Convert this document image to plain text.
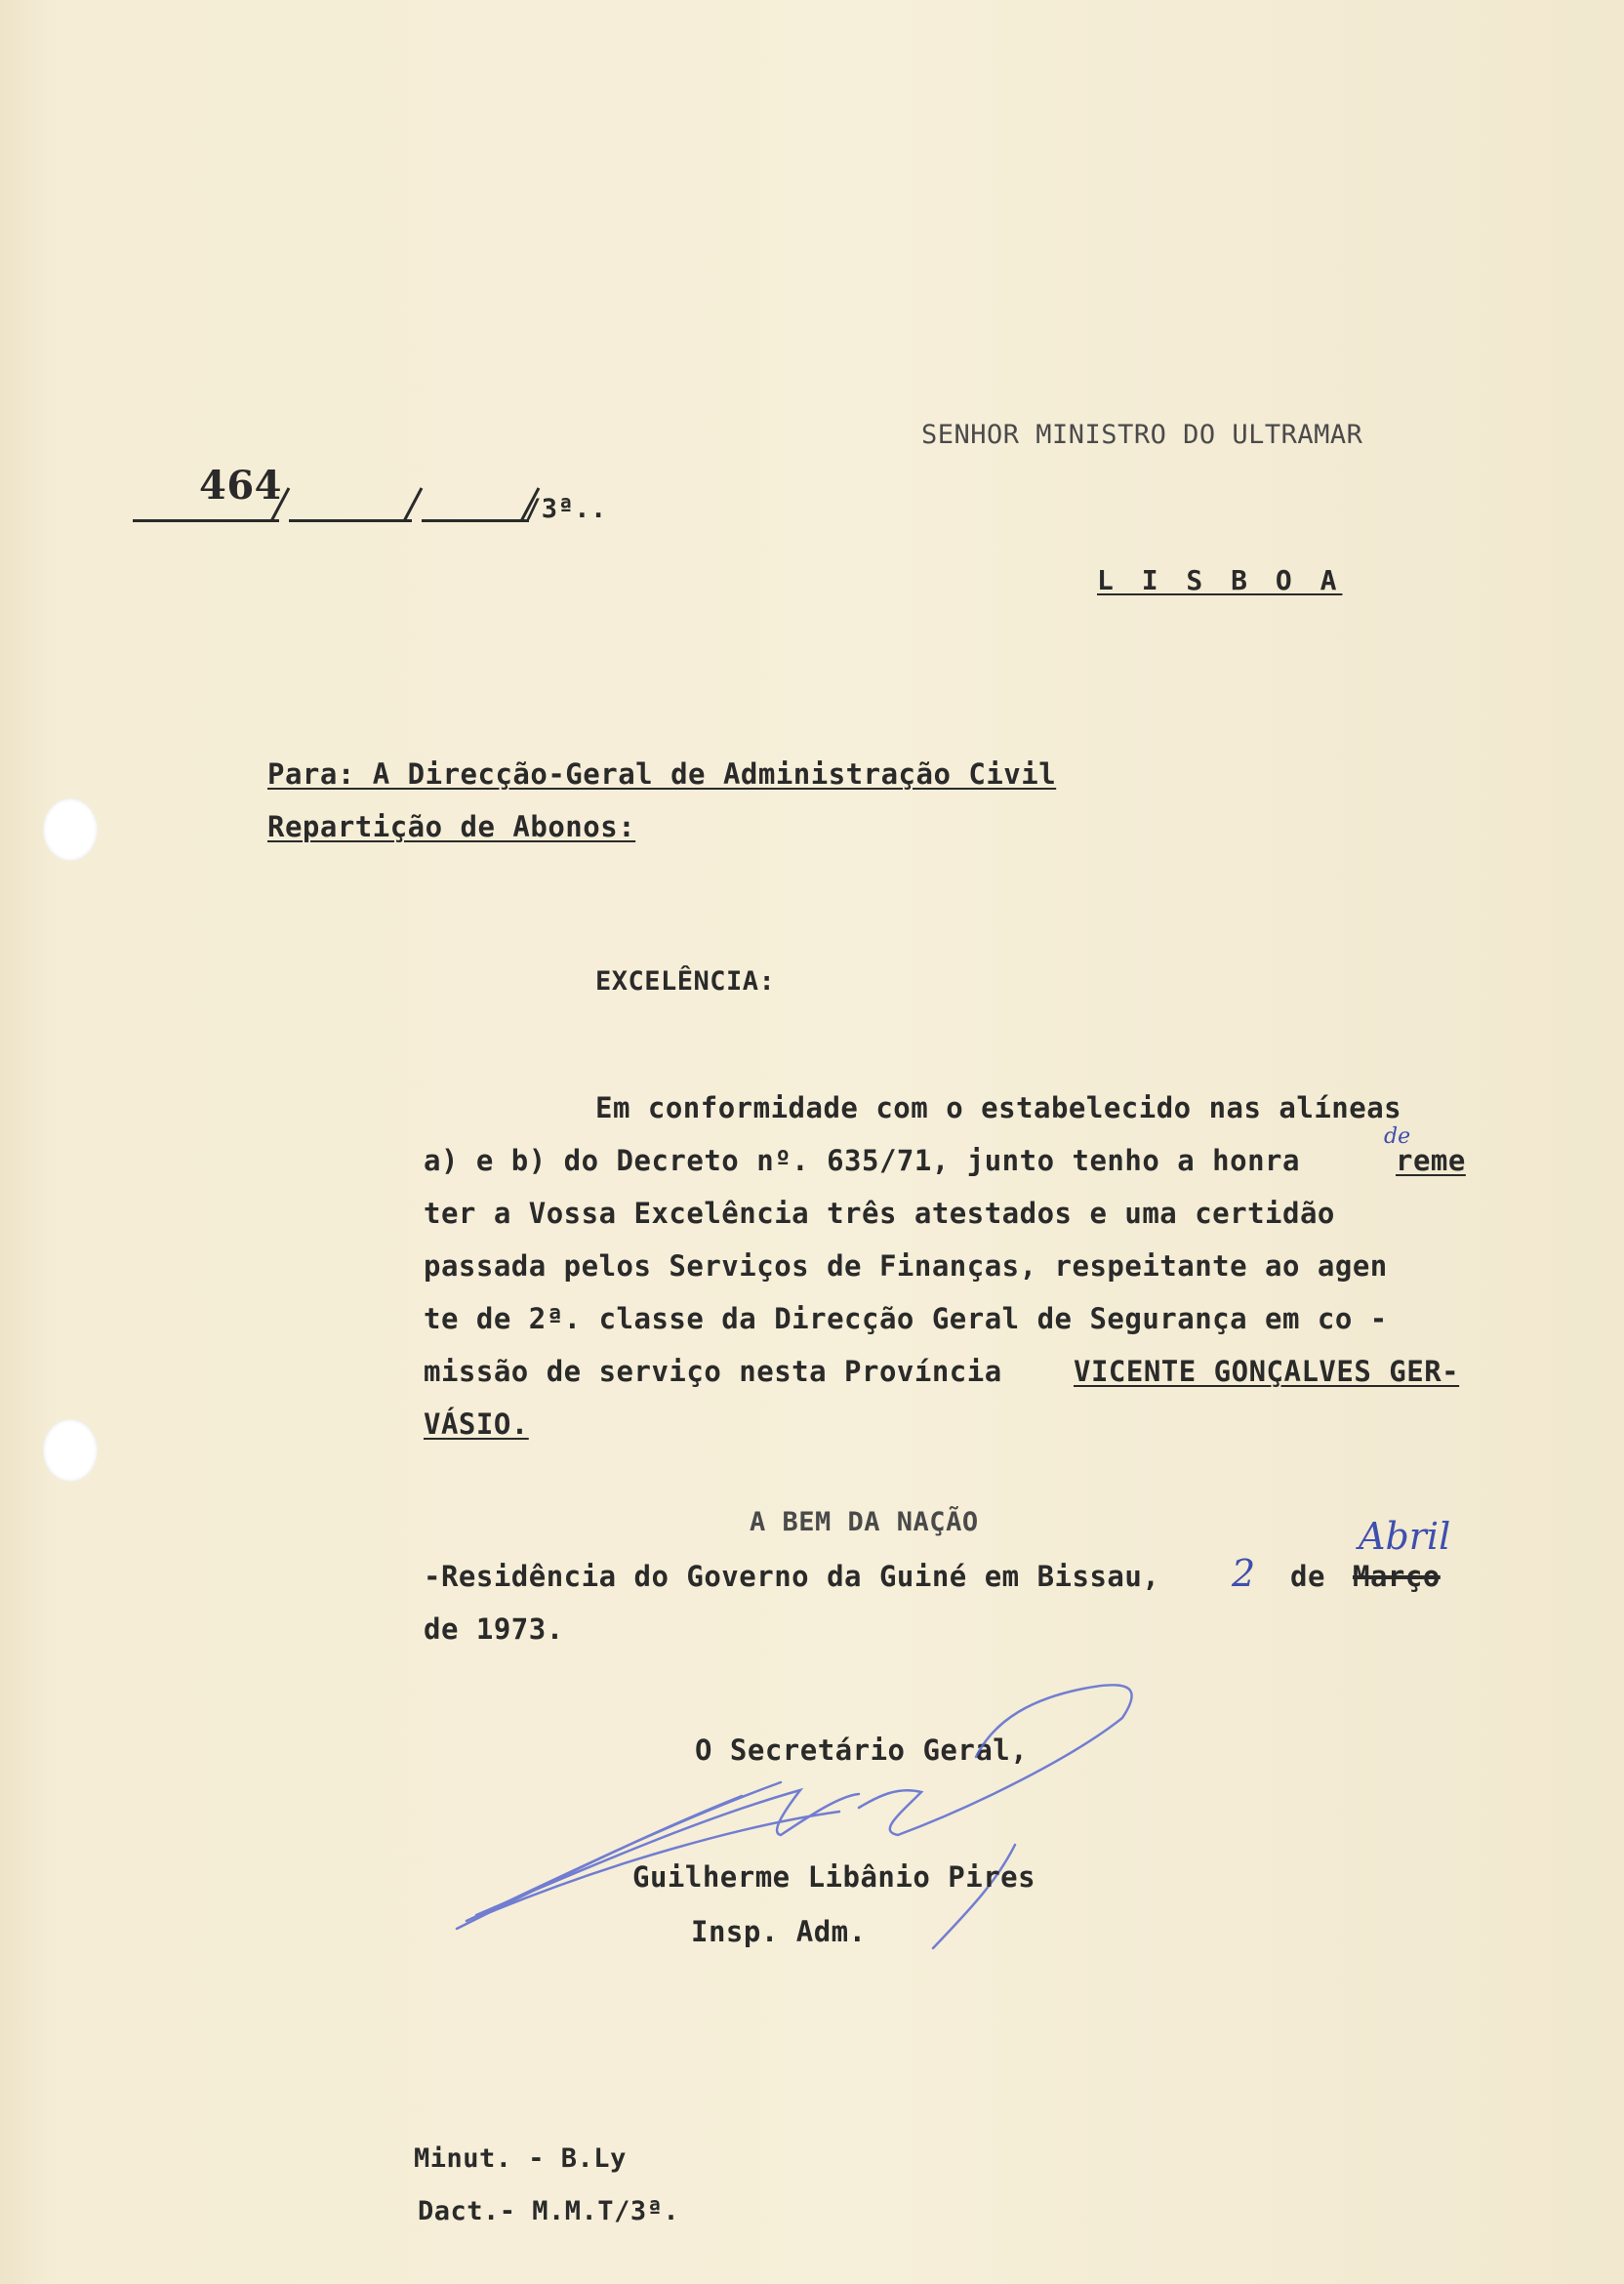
SENHOR MINISTRO DO ULTRAMAR
464
/3ª..
L I S B O A
Para: A Direcção-Geral de Administração Civil
Repartição de Abonos:
EXCELÊNCIA:
Em conformidade com o estabelecido nas alíneas
a) e b) do Decreto nº. 635/71, junto tenho a honra
de
reme
ter a Vossa Excelência três atestados e uma certidão
passada pelos Serviços de Finanças, respeitante ao agen
te de 2ª. classe da Direcção Geral de Segurança em co -
missão de serviço nesta Província	VICENTE GONÇALVES GER-
VÁSIO.
A BEM DA NAÇÃO
-Residência do Governo da Guiné em Bissau, 2 de Março
Abril
de 1973.
O Secretário Geral,
Guilherme Libânio Pires
Insp. Adm.
Minut. - B.Ly
Dact.- M.M.T/3ª.
